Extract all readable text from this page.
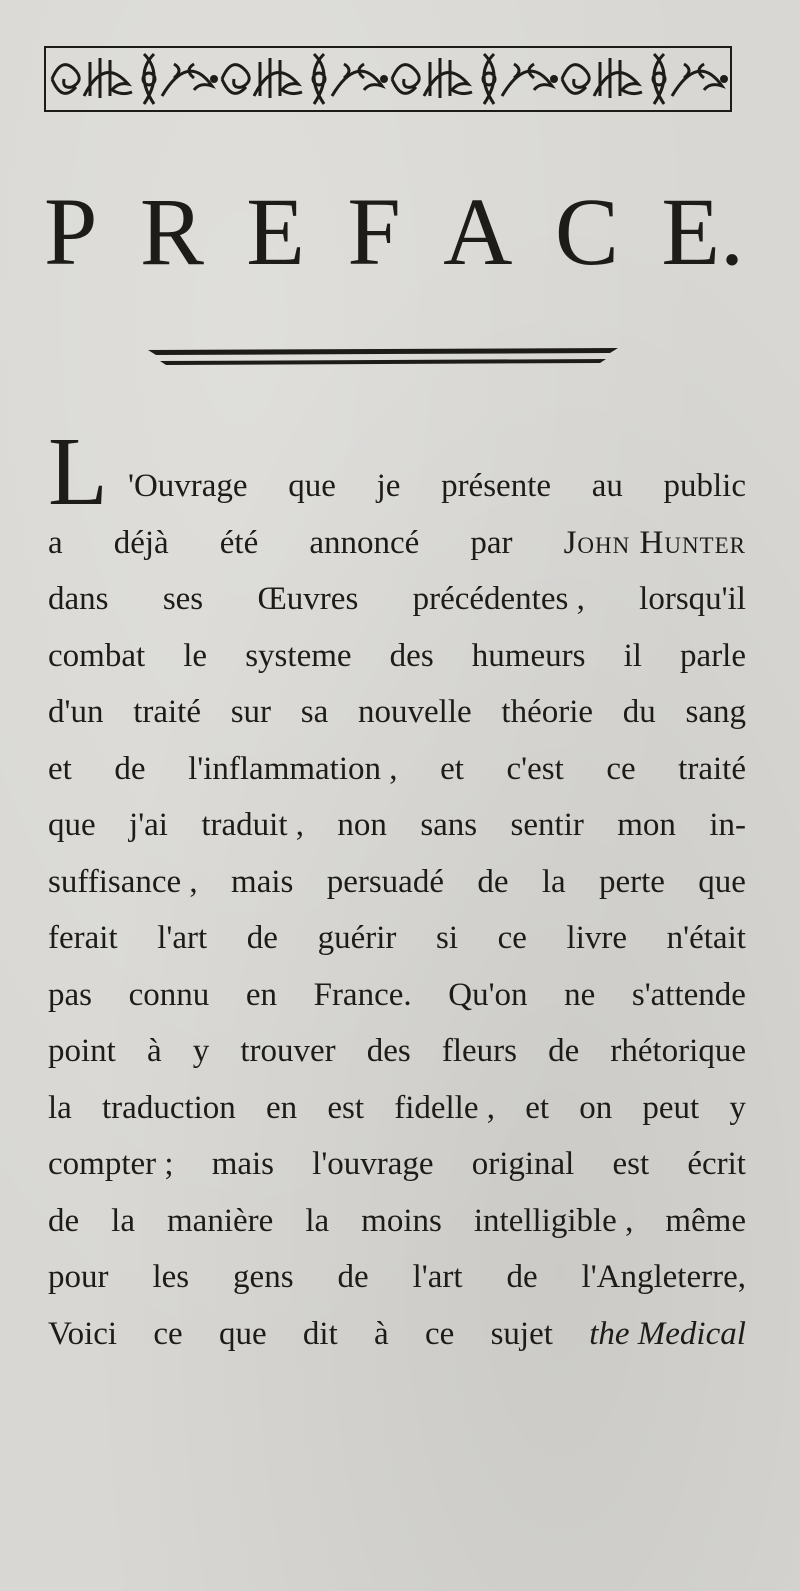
P R E F A C E.
L 'Ouvrage que je présente au public
a déjà été annoncé par John Hunter
dans ses Œuvres précédentes , lorsqu'il
combat le systeme des humeurs il parle
d'un traité sur sa nouvelle théorie du sang
et de l'inflammation , et c'est ce traité
que j'ai traduit , non sans sentir mon in-
suffisance , mais persuadé de la perte que
ferait l'art de guérir si ce livre n'était
pas connu en France. Qu'on ne s'attende
point à y trouver des fleurs de rhétorique
la traduction en est fidelle , et on peut y
compter ; mais l'ouvrage original est écrit
de la manière la moins intelligible , même
pour les gens de l'art de l'Angleterre,
Voici ce que dit à ce sujet the Medical
